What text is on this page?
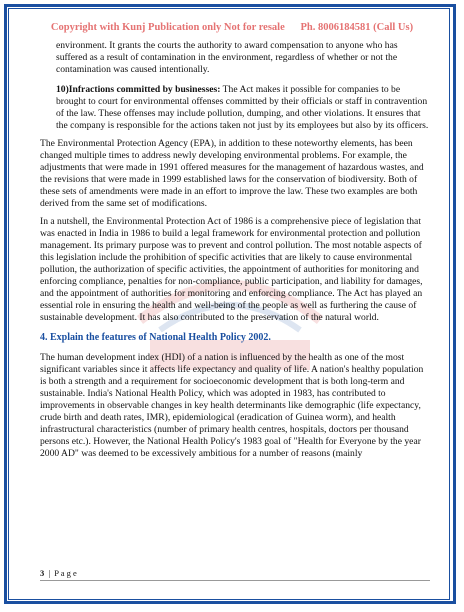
Copyright with Kunj Publication only Not for resale Ph. 8006184581 (Call Us)

environment. It grants the courts the authority to award compensation to anyone who has suffered as a result of contamination in the environment, regardless of whether or not the contamination was caused intentionally.

10)Infractions committed by businesses: The Act makes it possible for companies to be brought to court for environmental offenses committed by their officials or staff in contravention of the law. These offenses may include pollution, dumping, and other violations. It ensures that the company is responsible for the actions taken not just by its employees but also by its officers.

The Environmental Protection Agency (EPA), in addition to these noteworthy elements, has been changed multiple times to address newly developing environmental problems. For example, the adjustments that were made in 1991 offered measures for the management of hazardous wastes, and the revisions that were made in 1999 established laws for the conservation of biodiversity. Both of these sets of amendments were made in an effort to improve the law. These two examples are both derived from the same set of modifications.

In a nutshell, the Environmental Protection Act of 1986 is a comprehensive piece of legislation that was enacted in India in 1986 to build a legal framework for environmental protection and pollution management. Its primary purpose was to prevent and control pollution. The most notable aspects of this legislation include the prohibition of specific activities that are likely to cause environmental pollution, the authorization of specific activities, the appointment of authorities for monitoring and enforcing compliance, penalties for non-compliance, public participation, and liability for damages, and the appointment of authorities for monitoring and enforcing compliance. The Act has played an essential role in ensuring the health and well-being of the people as well as furthering the cause of sustainable development. It has also contributed to the preservation of the natural world.

4. Explain the features of National Health Policy 2002.

The human development index (HDI) of a nation is influenced by the health as one of the most significant variables since it affects life expectancy and quality of life. A nation's healthy population is both a strength and a requirement for socioeconomic development that is both long-term and sustainable. India's National Health Policy, which was adopted in 1983, has contributed to improvements in observable changes in key health determinants like demographic (life expectancy, crude birth and death rates, IMR), epidemiological (eradication of Guinea worm), and health infrastructural characteristics (number of primary health centres, hospitals, doctors per thousand persons etc.). However, the National Health Policy's 1983 goal of "Health for Everyone by the year 2000 AD" was deemed to be excessively ambitious for a number of reasons (mainly

3 | P a g e
